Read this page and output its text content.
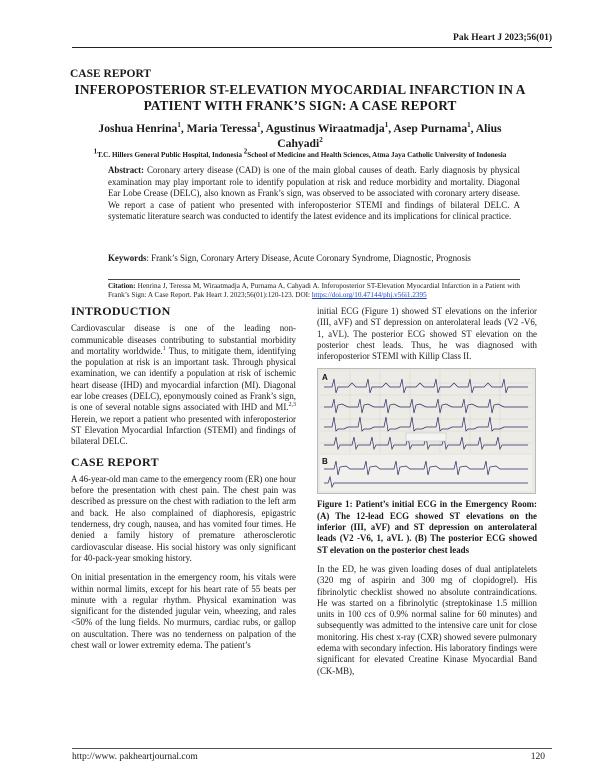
Pak Heart J 2023;56(01)
CASE REPORT
INFEROPOSTERIOR ST-ELEVATION MYOCARDIAL INFARCTION IN A PATIENT WITH FRANK’S SIGN: A CASE REPORT
Joshua Henrina$^1$, Maria Teressa$^1$, Agustinus Wiraatmadja$^1$, Asep Purnama$^1$, Alius Cahyadi$^2$
$^1$T.C. Hillers General Public Hospital, Indonesia $^2$School of Medicine and Health Sciences, Atma Jaya Catholic University of Indonesia
Abstract: Coronary artery disease (CAD) is one of the main global causes of death. Early diagnosis by physical examination may play important role to identify population at risk and reduce morbidity and mortality. Diagonal Ear Lobe Crease (DELC), also known as Frank’s sign, was observed to be associated with coronary artery disease. We report a case of patient who presented with inferoposterior STEMI and findings of bilateral DELC. A systematic literature search was conducted to identify the latest evidence and its implications for clinical practice.
Keywords: Frank’s Sign, Coronary Artery Disease, Acute Coronary Syndrome, Diagnostic, Prognosis
Citation: Henrina J, Teressa M, Wiraatmadja A, Purnama A, Cahyadi A. Inferoposterior ST-Elevation Myocardial Infarction in a Patient with Frank’s Sign: A Case Report. Pak Heart J. 2023;56(01):120-123. DOI: https://doi.org/10.47144/phj.v56i1.2395
INTRODUCTION

Cardiovascular disease is one of the leading non-communicable diseases contributing to substantial morbidity and mortality worldwide.$^1$ Thus, to mitigate them, identifying the population at risk is an important task. Through physical examination, we can identify a population at risk of ischemic heart disease (IHD) and myocardial infarction (MI). Diagonal ear lobe creases (DELC), eponymously coined as Frank’s sign, is one of several notable signs associated with IHD and MI.$^{2,3}$ Herein, we report a patient who presented with inferoposterior ST Elevation Myocardial Infarction (STEMI) and findings of bilateral DELC.

CASE REPORT

A 46-year-old man came to the emergency room (ER) one hour before the presentation with chest pain. The chest pain was described as pressure on the chest with radiation to the left arm and back. He also complained of diaphoresis, epigastric tenderness, dry cough, nausea, and has vomited four times. He denied a family history of premature atherosclerotic cardiovascular disease. His social history was only significant for 40-pack-year smoking history.

On initial presentation in the emergency room, his vitals were within normal limits, except for his heart rate of 55 beats per minute with a regular rhythm. Physical examination was significant for the distended jugular vein, wheezing, and rales <50% of the lung fields. No murmurs, cardiac rubs, or gallop on auscultation. There was no tenderness on palpation of the chest wall or lower extremity edema. The patient’s

initial ECG (Figure 1) showed ST elevations on the inferior (III, aVF) and ST depression on anterolateral leads (V2 -V6, 1, aVL). The posterior ECG showed ST elevation on the posterior chest leads. Thus, he was diagnosed with inferoposterior STEMI with Killip Class II.

A
B
Figure 1: Patient’s initial ECG in the Emergency Room: (A) The 12-lead ECG showed ST elevations on the inferior (III, aVF) and ST depression on anterolateral leads (V2 -V6, 1, aVL ). (B) The posterior ECG showed ST elevation on the posterior chest leads

In the ED, he was given loading doses of dual antiplatelets (320 mg of aspirin and 300 mg of clopidogrel). His fibrinolytic checklist showed no absolute contraindications. He was started on a fibrinolytic (streptokinase 1.5 million units in 100 ccs of 0.9% normal saline for 60 minutes) and subsequently was admitted to the intensive care unit for close monitoring. His chest x-ray (CXR) showed severe pulmonary edema with secondary infection. His laboratory findings were significant for elevated Creatine Kinase Myocardial Band (CK-MB),

http://www. pakheartjournal.com	120
